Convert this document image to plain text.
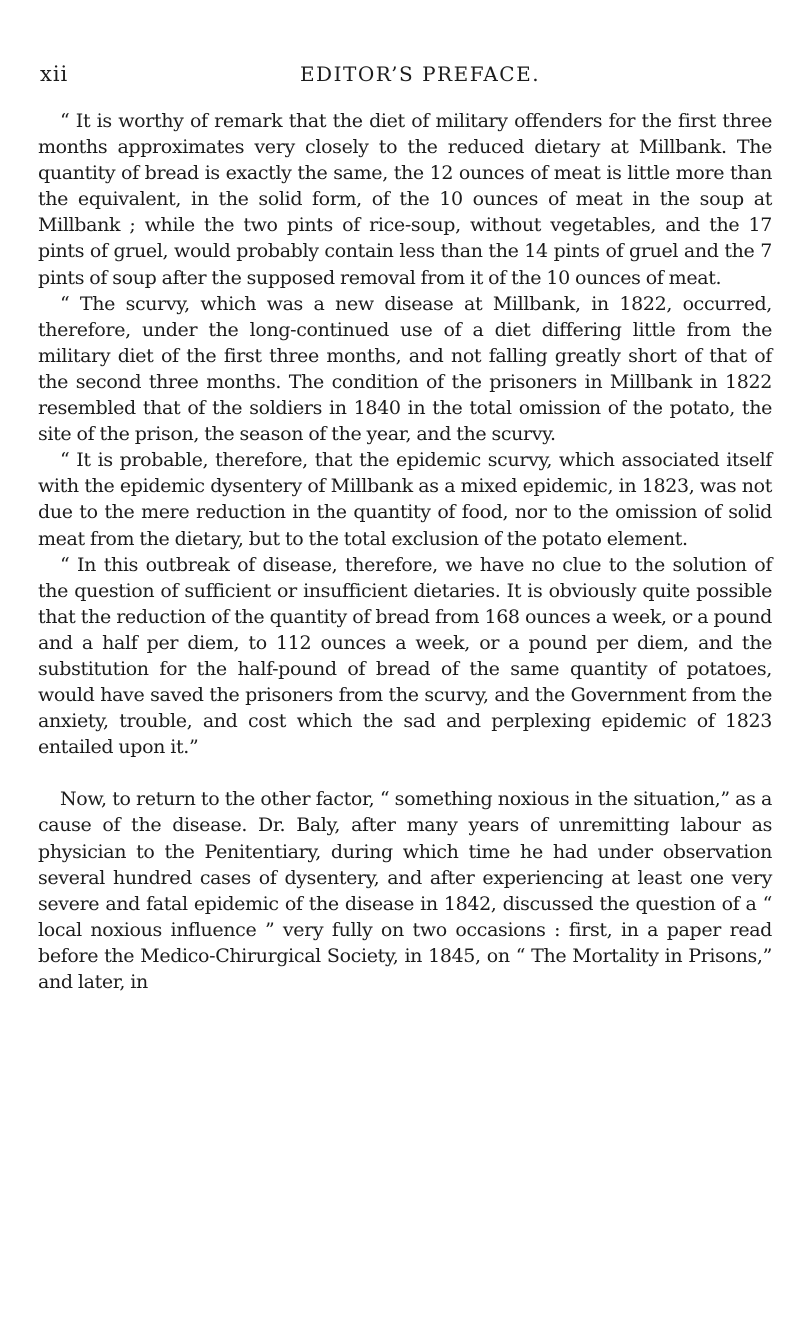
xii	EDITOR’S PREFACE.

“ It is worthy of remark that the diet of military offenders for the first three months approximates very closely to the reduced dietary at Millbank. The quantity of bread is exactly the same, the 12 ounces of meat is little more than the equivalent, in the solid form, of the 10 ounces of meat in the soup at Millbank ; while the two pints of rice-soup, without vegetables, and the 17 pints of gruel, would probably contain less than the 14 pints of gruel and the 7 pints of soup after the supposed removal from it of the 10 ounces of meat.

“ The scurvy, which was a new disease at Millbank, in 1822, occurred, therefore, under the long-continued use of a diet differing little from the military diet of the first three months, and not falling greatly short of that of the second three months. The condition of the prisoners in Millbank in 1822 resembled that of the soldiers in 1840 in the total omission of the potato, the site of the prison, the season of the year, and the scurvy.

“ It is probable, therefore, that the epidemic scurvy, which associated itself with the epidemic dysentery of Millbank as a mixed epidemic, in 1823, was not due to the mere reduction in the quantity of food, nor to the omission of solid meat from the dietary, but to the total exclusion of the potato element.

“ In this outbreak of disease, therefore, we have no clue to the solution of the question of sufficient or insufficient dietaries. It is obviously quite possible that the reduction of the quantity of bread from 168 ounces a week, or a pound and a half per diem, to 112 ounces a week, or a pound per diem, and the substitution for the half-pound of bread of the same quantity of potatoes, would have saved the prisoners from the scurvy, and the Government from the anxiety, trouble, and cost which the sad and perplexing epidemic of 1823 entailed upon it.”

Now, to return to the other factor, “ something noxious in the situation,” as a cause of the disease. Dr. Baly, after many years of unremitting labour as physician to the Penitentiary, during which time he had under observation several hundred cases of dysentery, and after experiencing at least one very severe and fatal epidemic of the disease in 1842, discussed the question of a “ local noxious influence ” very fully on two occasions : first, in a paper read before the Medico-Chirurgical Society, in 1845, on “ The Mortality in Prisons,” and later, in
